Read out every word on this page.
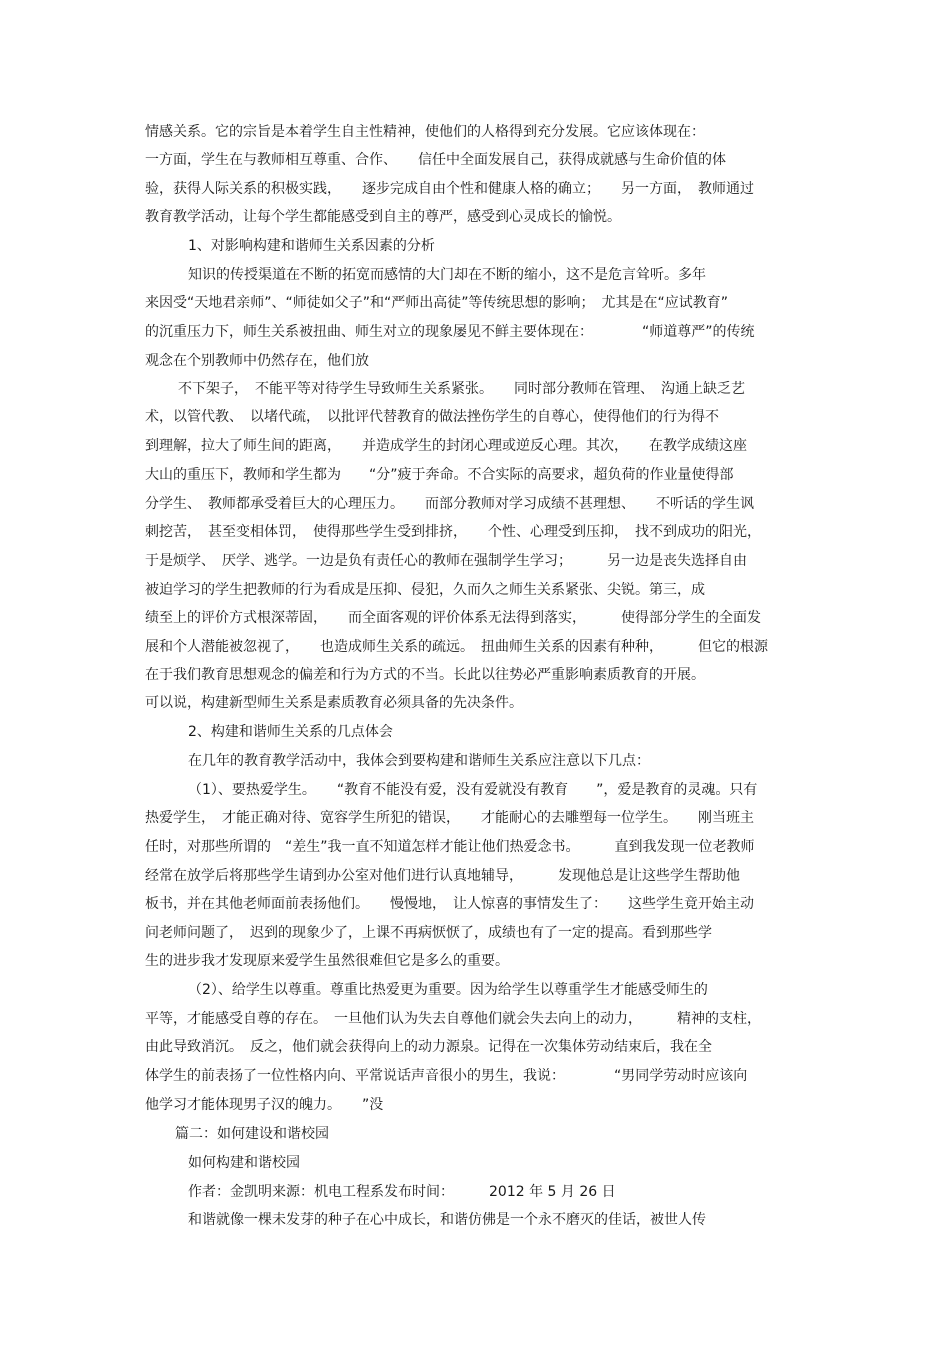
情感关系。它的宗旨是本着学生自主性精神，使他们的人格得到充分发展。它应该体现在：
一方面，学生在与教师相互尊重、合作、　　信任中全面发展自己，获得成就感与生命价值的体
验，获得人际关系的积极实践，　　逐步完成自由个性和健康人格的确立；　　另一方面，　教师通过
教育教学活动，让每个学生都能感受到自主的尊严，感受到心灵成长的愉悦。
1、对影响构建和谐师生关系因素的分析
知识的传授渠道在不断的拓宽而感情的大门却在不断的缩小，这不是危言耸听。多年
来因受“天地君亲师”、“师徒如父子”和“严师出高徒”等传统思想的影响；　尤其是在“应试教育”
的沉重压力下，师生关系被扭曲、师生对立的现象屡见不鲜主要体现在：　　　　“师道尊严”的传统
观念在个别教师中仍然存在，他们放
不下架子，　不能平等对待学生导致师生关系紧张。　　同时部分教师在管理、　沟通上缺乏艺
术，以管代教、　以堵代疏，　以批评代替教育的做法挫伤学生的自尊心，使得他们的行为得不
到理解，拉大了师生间的距离，　　并造成学生的封闭心理或逆反心理。其次，　　在教学成绩这座
大山的重压下，教师和学生都为　　“分”疲于奔命。不合实际的高要求，超负荷的作业量使得部
分学生、　教师都承受着巨大的心理压力。　　而部分教师对学习成绩不甚理想、　　不听话的学生讽
刺挖苦，　甚至变相体罚，　使得那些学生受到排挤，　　个性、心理受到压抑，　找不到成功的阳光，
于是烦学、　厌学、逃学。一边是负有责任心的教师在强制学生学习；　　　另一边是丧失选择自由
被迫学习的学生把教师的行为看成是压抑、侵犯，久而久之师生关系紧张、尖锐。第三，成
绩至上的评价方式根深蒂固，　　而全面客观的评价体系无法得到落实，　　　使得部分学生的全面发
展和个人潜能被忽视了，　　也造成师生关系的疏远。　扭曲师生关系的因素有种种，　　　但它的根源
在于我们教育思想观念的偏差和行为方式的不当。长此以往势必严重影响素质教育的开展。
可以说，构建新型师生关系是素质教育必须具备的先决条件。
2、构建和谐师生关系的几点体会
在几年的教育教学活动中，我体会到要构建和谐师生关系应注意以下几点：
（1）、要热爱学生。　　“教育不能没有爱，没有爱就没有教育　　”，爱是教育的灵魂。只有
热爱学生，　才能正确对待、宽容学生所犯的错误，　　才能耐心的去雕塑每一位学生。　　刚当班主
任时，对那些所谓的　“差生”我一直不知道怎样才能让他们热爱念书。　　　直到我发现一位老教师
经常在放学后将那些学生请到办公室对他们进行认真地辅导，　　　发现他总是让这些学生帮助他
板书，并在其他老师面前表扬他们。　　慢慢地，　让人惊喜的事情发生了：　　这些学生竟开始主动
问老师问题了，　迟到的现象少了，上课不再病恹恹了，成绩也有了一定的提高。看到那些学
生的进步我才发现原来爱学生虽然很难但它是多么的重要。
（2）、给学生以尊重。尊重比热爱更为重要。因为给学生以尊重学生才能感受师生的
平等，才能感受自尊的存在。　一旦他们认为失去自尊他们就会失去向上的动力，　　　精神的支柱，
由此导致消沉。　反之，他们就会获得向上的动力源泉。记得在一次集体劳动结束后，我在全
体学生的前表扬了一位性格内向、平常说话声音很小的男生，我说：　　　　“男同学劳动时应该向
他学习才能体现男子汉的魄力。　　”没
篇二：如何建设和谐校园
如何构建和谐校园
作者：金凯明来源：机电工程系发布时间：　　　2012 年 5 月 26 日
和谐就像一棵未发芽的种子在心中成长，和谐仿佛是一个永不磨灭的佳话，被世人传
